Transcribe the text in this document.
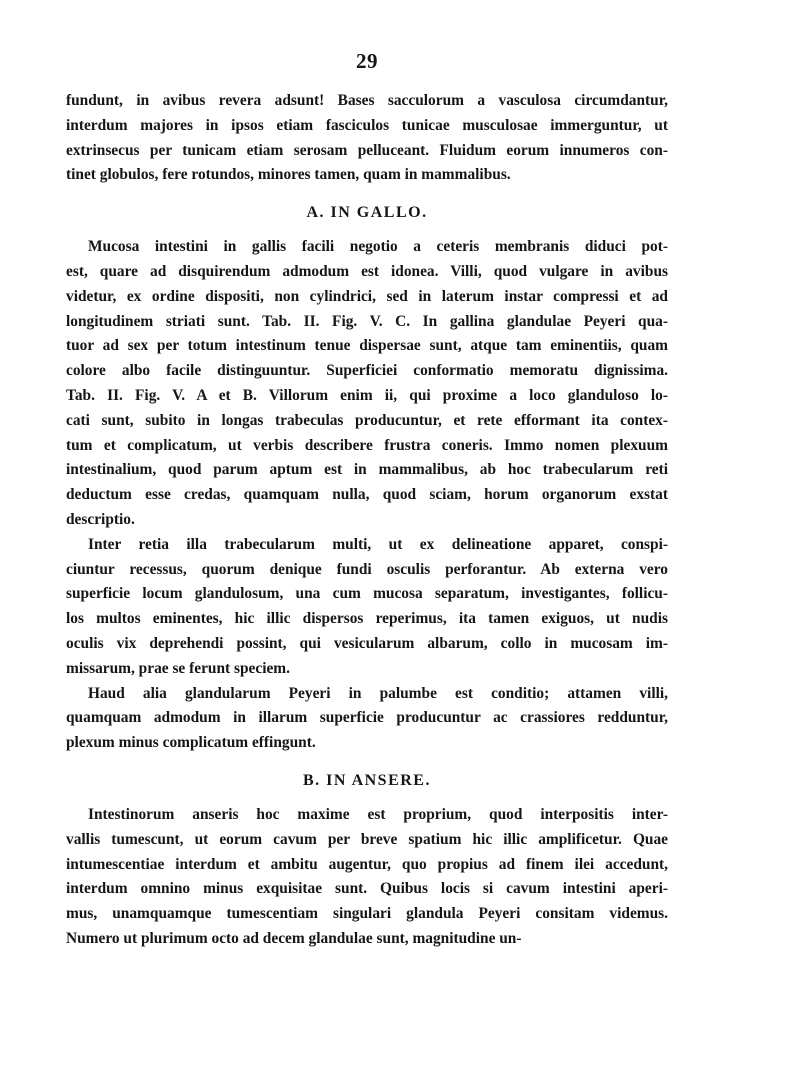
29
fundunt, in avibus revera adsunt! Bases sacculorum a vasculosa circumdantur,
interdum majores in ipsos etiam fasciculos tunicae musculosae immerguntur, ut
extrinsecus per tunicam etiam serosam pelluceant. Fluidum eorum innumeros con-
tinet globulos, fere rotundos, minores tamen, quam in mammalibus.
A. IN GALLO.
Mucosa intestini in gallis facili negotio a ceteris membranis diduci pot-
est, quare ad disquirendum admodum est idonea. Villi, quod vulgare in avibus
videtur, ex ordine dispositi, non cylindrici, sed in laterum instar compressi et ad
longitudinem striati sunt. Tab. II. Fig. V. C. In gallina glandulae Peyeri qua-
tuor ad sex per totum intestinum tenue dispersae sunt, atque tam eminentiis, quam
colore albo facile distinguuntur. Superficiei conformatio memoratu dignissima.
Tab. II. Fig. V. A et B. Villorum enim ii, qui proxime a loco glanduloso lo-
cati sunt, subito in longas trabeculas producuntur, et rete efformant ita contex-
tum et complicatum, ut verbis describere frustra coneris. Immo nomen plexuum
intestinalium, quod parum aptum est in mammalibus, ab hoc trabecularum reti
deductum esse credas, quamquam nulla, quod sciam, horum organorum exstat
descriptio.
Inter retia illa trabecularum multi, ut ex delineatione apparet, conspi-
ciuntur recessus, quorum denique fundi osculis perforantur. Ab externa vero
superficie locum glandulosum, una cum mucosa separatum, investigantes, follicu-
los multos eminentes, hic illic dispersos reperimus, ita tamen exiguos, ut nudis
oculis vix deprehendi possint, qui vesicularum albarum, collo in mucosam im-
missarum, prae se ferunt speciem.
Haud alia glandularum Peyeri in palumbe est conditio; attamen villi,
quamquam admodum in illarum superficie producuntur ac crassiores redduntur,
plexum minus complicatum effingunt.
B. IN ANSERE.
Intestinorum anseris hoc maxime est proprium, quod interpositis inter-
vallis tumescunt, ut eorum cavum per breve spatium hic illic amplificetur. Quae
intumescentiae interdum et ambitu augentur, quo propius ad finem ilei accedunt,
interdum omnino minus exquisitae sunt. Quibus locis si cavum intestini aperi-
mus, unamquamque tumescentiam singulari glandula Peyeri consitam videmus.
Numero ut plurimum octo ad decem glandulae sunt, magnitudine un-
